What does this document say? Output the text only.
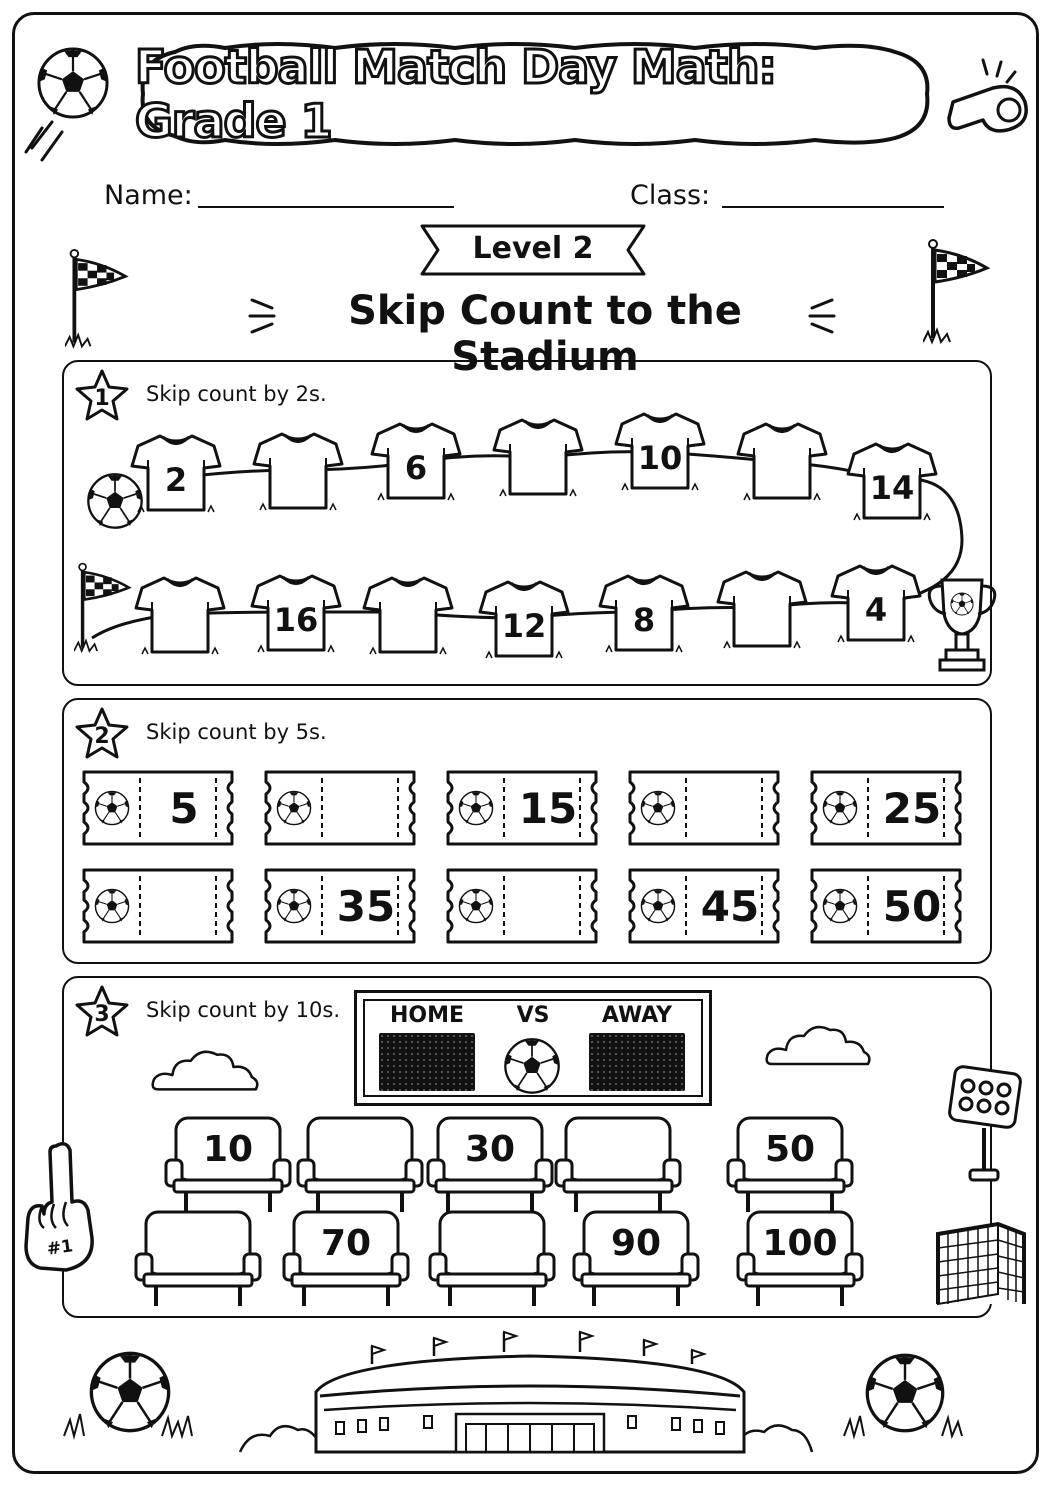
Football Match Day Math: Grade 1
Name:	Class:
Level 2
Skip Count to the Stadium
1	Skip count by 2s.
2	6	10
14
16	12	8	4
2	Skip count by 5s.
5	15	25
35	45	50
3	Skip count by 10s.	HOME	VS	AWAY
#1
10	30	50
70	90	100
